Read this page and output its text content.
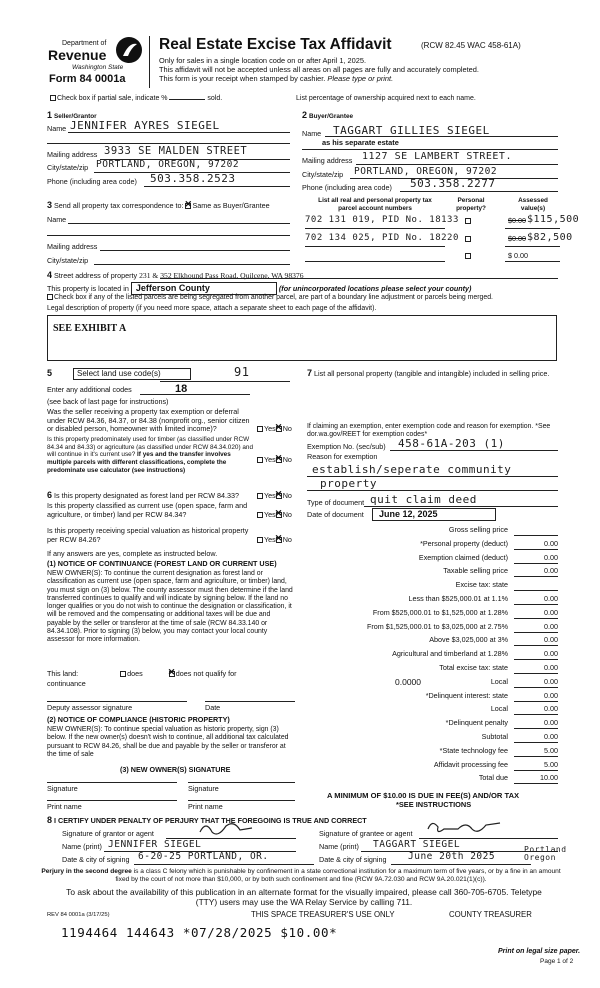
Department of
Revenue
Washington State
Form 84 0001a
Real Estate Excise Tax Affidavit	(RCW 82.45 WAC 458-61A)
Only for sales in a single location code on or after April 1, 2025.
This affidavit will not be accepted unless all areas on all pages are fully and accurately completed.
This form is your receipt when stamped by cashier. Please type or print.
Check box if partial sale, indicate %	sold.	List percentage of ownership acquired next to each name.
1 Seller/Grantor
Name JENNIFER AYRES SIEGEL
Mailing address 3933 SE MALDEN STREET
City/state/zip PORTLAND, OREGON, 97202
Phone (including area code) 503.358.2523
2 Buyer/Grantee
Name TAGGART GILLIES SIEGEL
as his separate estate
Mailing address 1127 SE LAMBERT STREET.
City/state/zip PORTLAND, OREGON, 97202
Phone (including area code) 503.358.2277
3 Send all property tax correspondence to: ✕ Same as Buyer/Grantee
Name
Mailing address
City/state/zip
List all real and personal property tax
parcel account numbers
Personal
property?
Assessed
value(s)
702 131 019, PID No. 18133	$0.00 $115,500
702 134 025, PID No. 18220	$0.00 $82,500
$ 0.00
4 Street address of property 231 & 352 Elkhound Pass Road, Quilcene, WA 98376
This property is located in Jefferson County	(for unincorporated locations please select your county)
Check box if any of the listed parcels are being segregated from another parcel, are part of a boundary line adjustment or parcels being merged.
Legal description of property (if you need more space, attach a separate sheet to each page of the affidavit).
SEE EXHIBIT A
5	Select land use code(s)	91
Enter any additional codes	18
(see back of last page for instructions)
Was the seller receiving a property tax exemption or deferral under RCW 84.36, 84.37, or 84.38 (nonprofit org., senior citizen or disabled person, homeowner with limited income)?	Yes ✕ No
Is this property predominately used for timber (as classified under RCW 84.34 and 84.33) or agriculture (as classified under RCW 84.34.020) and will continue in it's current use? If yes and the transfer involves multiple parcels with different classifications, complete the predominate use calculator (see instructions)
Yes ✕ No
6 Is this property designated as forest land per RCW 84.33?	Yes ✕ No
Is this property classified as current use (open space, farm and agriculture, or timber) land per RCW 84.34?	Yes ✕ No
Is this property receiving special valuation as historical property per RCW 84.26?	Yes ✕ No
If any answers are yes, complete as instructed below.
(1) NOTICE OF CONTINUANCE (FOREST LAND OR CURRENT USE)
NEW OWNER(S): To continue the current designation as forest land or classification as current use (open space, farm and agriculture, or timber) land, you must sign on (3) below. The county assessor must then determine if the land transferred continues to qualify and will indicate by signing below. If the land no longer qualifies or you do not wish to continue the designation or classification, it will be removed and the compensating or additional taxes will be due and payable by the seller or transferor at the time of sale (RCW 84.33.140 or 84.34.108). Prior to signing (3) below, you may contact your local county assessor for more information.
This land:	does ✕	does not qualify for
continuance
Deputy assessor signature	Date
(2) NOTICE OF COMPLIANCE (HISTORIC PROPERTY)
NEW OWNER(S): To continue special valuation as historic property, sign (3) below. If the new owner(s) doesn't wish to continue, all additional tax calculated pursuant to RCW 84.26, shall be due and payable by the seller or transferor at the time of sale
(3) NEW OWNER(S) SIGNATURE
Signature	Signature
Print name	Print name
7 List all personal property (tangible and intangible) included in selling price.
If claiming an exemption, enter exemption code and reason for exemption. *See dor.wa.gov/REET for exemption codes*
Exemption No. (sec/sub) 458-61A-203 (1)
Reason for exemption
establish/seperate community
property
Type of document quit claim deed
Date of document	June 12, 2025
Gross selling price
*Personal property (deduct)	0.00
Exemption claimed (deduct)	0.00
Taxable selling price	0.00
Excise tax: state
Less than $525,000.01 at 1.1%	0.00
From $525,000.01 to $1,525,000 at 1.28%	0.00
From $1,525,000.01 to $3,025,000 at 2.75%	0.00
Above $3,025,000 at 3%	0.00
Agricultural and timberland at 1.28%	0.00
Total excise tax: state	0.00
Local
0.0000	0.00
*Delinquent interest: state	0.00
Local	0.00
*Delinquent penalty	0.00
Subtotal	0.00
*State technology fee	5.00
Affidavit processing fee	5.00
Total due	10.00
A MINIMUM OF $10.00 IS DUE IN FEE(S) AND/OR TAX
*SEE INSTRUCTIONS
8 I CERTIFY UNDER PENALTY OF PERJURY THAT THE FOREGOING IS TRUE AND CORRECT
Signature of grantor or agent
Name (print) JENNIFER SIEGEL
Date & city of signing 6-20-25 PORTLAND, OR.
Signature of grantee or agent
Name (print) TAGGART SIEGEL
Date & city of signing June 20th 2025
Portland Oregon
Perjury in the second degree is a class C felony which is punishable by confinement in a state correctional institution for a maximum term of five years, or by a fine in an amount fixed by the court of not more than $10,000, or by both such confinement and fine (RCW 9A.72.030 and RCW 9A.20.021(1)(c)).
To ask about the availability of this publication in an alternate format for the visually impaired, please call 360-705-6705. Teletype (TTY) users may use the WA Relay Service by calling 711.
REV 84 0001a (3/17/25)	THIS SPACE TREASURER'S USE ONLY	COUNTY TREASURER
1194464 144643 *07/28/2025 $10.00*
Print on legal size paper.
Page 1 of 2
